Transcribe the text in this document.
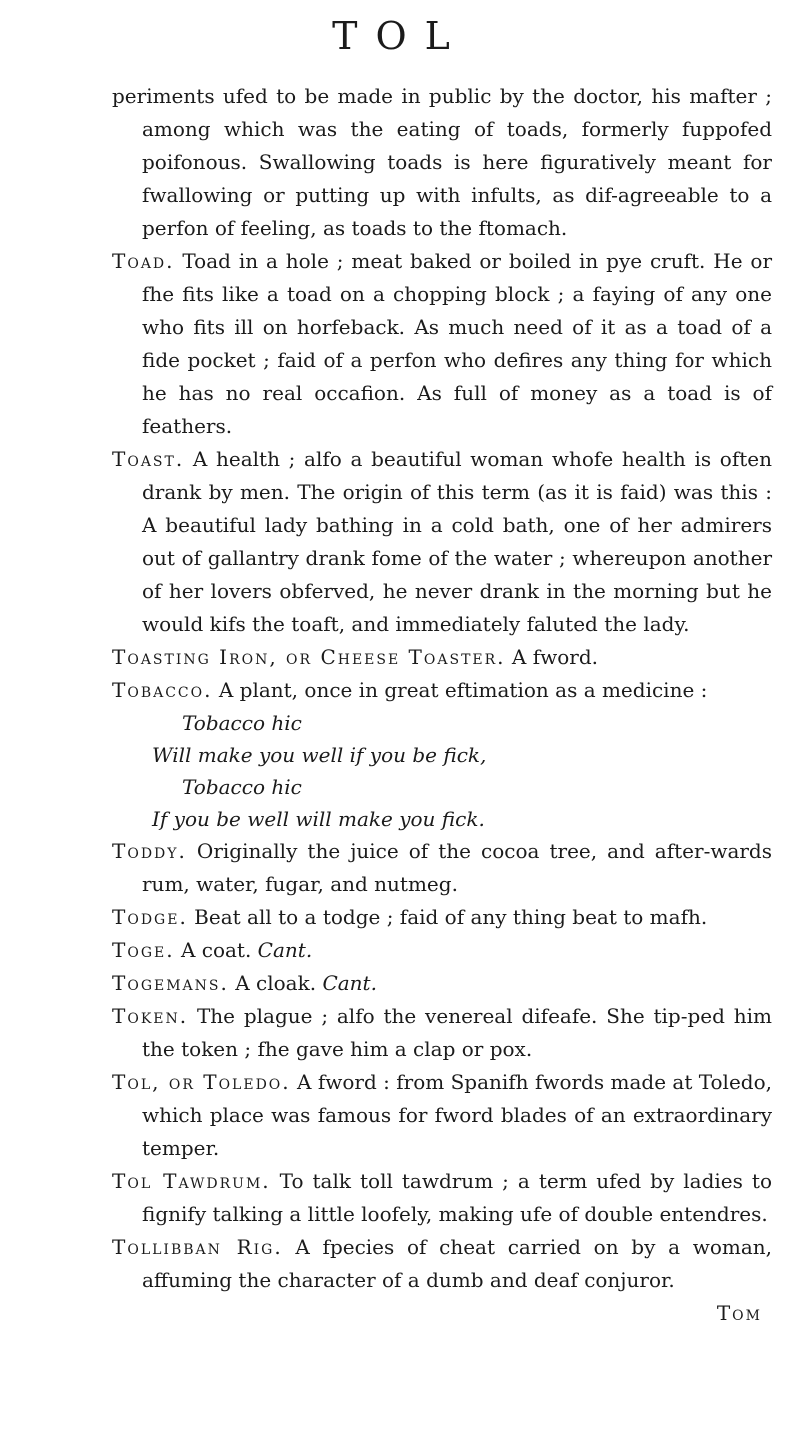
TOL

periments ufed to be made in public by the doctor, his mafter ; among which was the eating of toads, formerly fuppofed poifonous. Swallowing toads is here figuratively meant for fwallowing or putting up with infults, as dif-agreeable to a perfon of feeling, as toads to the ftomach.

Toad. Toad in a hole ; meat baked or boiled in pye cruft. He or fhe fits like a toad on a chopping block ; a faying of any one who fits ill on horfeback. As much need of it as a toad of a fide pocket ; faid of a perfon who defires any thing for which he has no real occafion. As full of money as a toad is of feathers.

Toast. A health ; alfo a beautiful woman whofe health is often drank by men. The origin of this term (as it is faid) was this : A beautiful lady bathing in a cold bath, one of her admirers out of gallantry drank fome of the water ; whereupon another of her lovers obferved, he never drank in the morning but he would kifs the toaft, and immediately faluted the lady.

Toasting Iron, or Cheese Toaster. A fword.

Tobacco. A plant, once in great eftimation as a medicine :

Tobacco hic

Will make you well if you be fick,

Tobacco hic

If you be well will make you fick.

Toddy. Originally the juice of the cocoa tree, and after-wards rum, water, fugar, and nutmeg.

Todge. Beat all to a todge ; faid of any thing beat to mafh.

Toge. A coat. Cant.

Togemans. A cloak. Cant.

Token. The plague ; alfo the venereal difeafe. She tip-ped him the token ; fhe gave him a clap or pox.

Tol, or Toledo. A fword : from Spanifh fwords made at Toledo, which place was famous for fword blades of an extraordinary temper.

Tol Tawdrum. To talk toll tawdrum ; a term ufed by ladies to fignify talking a little loofely, making ufe of double entendres.

Tollibban Rig. A fpecies of cheat carried on by a woman, affuming the character of a dumb and deaf conjuror.

Tom
